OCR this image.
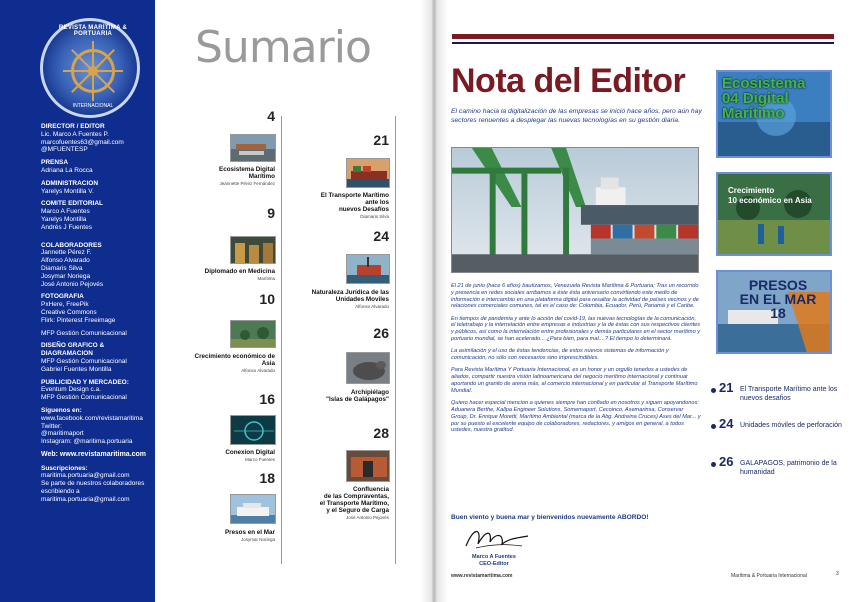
REVISTA MARÍTIMA & PORTUARIA
INTERNACIONAL
DIRECTOR / EDITOR
Lic. Marco A Fuentes P.
marcofuentes63@gmail.com
@MFUENTESP
PRENSA
Adriana La Rocca
ADMINISTRACION
Yarelys Montilla V.
COMITE EDITORIAL
Marco A Fuentes
Yarelys Montilla
Andrés J Fuentes
COLABORADORES
Jannette Pérez F.
Alfonso Alvarado
Diamaris Silva
Josymar Noriega
José Antonio Pejovés
FOTOGRAFIA
PxHere, FreePik
Creative Commons
Flirk: Pinterest Freeimage
MFP Gestión Comunicacional
DISEÑO GRAFICO & DIAGRAMACION
MFP Gestión Comunicacional
Gabriel Fuentes Montilla
PUBLICIDAD Y MERCADEO:
Eventum Design c.a.
MFP Gestión Comunicacional
Síguenos en:
www.facebook.com/revistamaritima
Twitter:
@maritimaport
Instagram: @maritima.portuaria
Web: www.revistamaritima.com
Suscripciones:
maritima.portuaria@gmail.com
Se parte de nuestros colaboradores
escribiendo a
maritima.portuaria@gmail.com
Sumario
4
Ecosistema Digital
Marítimo
Jeannette Pérez Fernández
9
Diplomado en Medicina
Marítima
10
Crecimiento económico de
Asia
Alfonso Alvarado
16
Conexion Digital
Marco Fuentes
18
Presos en el Mar
Josymar Noriega
21
El Transporte Marítimo
ante los
nuevos Desafíos
Diamaris Silva
24
Naturaleza Jurídica de las
Unidades Moviles
Alfonso Alvarado
26
Archipiélago
"Islas de Galápagos"
28
Confluencia
de las Compraventas,
el Transporte Marítimo,
y el Seguro de Carga
José Antonio Pejovés
Nota del Editor
El camino hacia la digitalización de las empresas se inició hace años, pero aún hay sectores renuentes a desplegar las nuevas tecnologías en su gestión diaria.

El 21 de junio (hace 6 años) bautizamos, Venezuela Revista Marítima & Portuaria; Tras un recorrido y presencia en redes sociales arribamos a éste ésta aniversario convirtiendo este medio de información e intercambio en una plataforma digital para resaltar la actividad de países vecinos y de relaciones comerciales comunes, tal es el caso de: Colombia, Ecuador, Perú, Panamá y el Caribe.

En tiempos de pandemia y ante lo acción del covid-19, las nuevas tecnologías de la comunicación, el teletrabajo y la interrelación entre empresas e industrias y la de éstas con sus respectivos clientes y públicos, así como la interrelación entre profesionales y demás particulares en el sector marítimo y portuario mundial, se han acelerado... ¿Para bien, para mal....? El tiempo lo determinará.

La asimilación y el uso de éstas tendencias, de estos nuevos sistemas de información y comunicación, no sólo son necesarios sino imprescindibles.

Para Revista Marítima Y Portuaria Internacional, es un honor y un orgullo tenerlos a ustedes de aliados, compartir nuestra visión latinoamericana del negocio marítimo internacional y continuar aportando un granito de arena más, al comercio internacional y en particular al Transporte Marítimo Mundial.

Quiero hacer especial mencion a quienes siempre han confiado en nosotros y siguen apoyandonos: Aduanera Berthe, Kallpa Engineer Solutions, Somemaport, Cecoinco, Asemarinsa, Conservar Group, Dr. Enrique Moretti, Marítimo Ambiental (marca de la Abg. Andreina Cruces) Ases del Mar... y por su puesto el excelente equipo de colaboradores, redactores, y amigos en general, a todos ustedes, nuestra gratitud.

Buen viento y buena mar y bienvenidos nuevamente ABORDO!
Marco A Fuentes
CEO-Editor
www.revistamaritima.com
Ecosistema
04 Digital
Marítimo
Crecimiento
10 económico en Asia
PRESOS
EN EL MAR
18
21 El Transporte Marítimo ante los nuevos desafios
24 Unidades móviles de perforación
26 GALAPAGOS, patrimonio de la humanidad
Marítima & Portuaria Internacional	3
